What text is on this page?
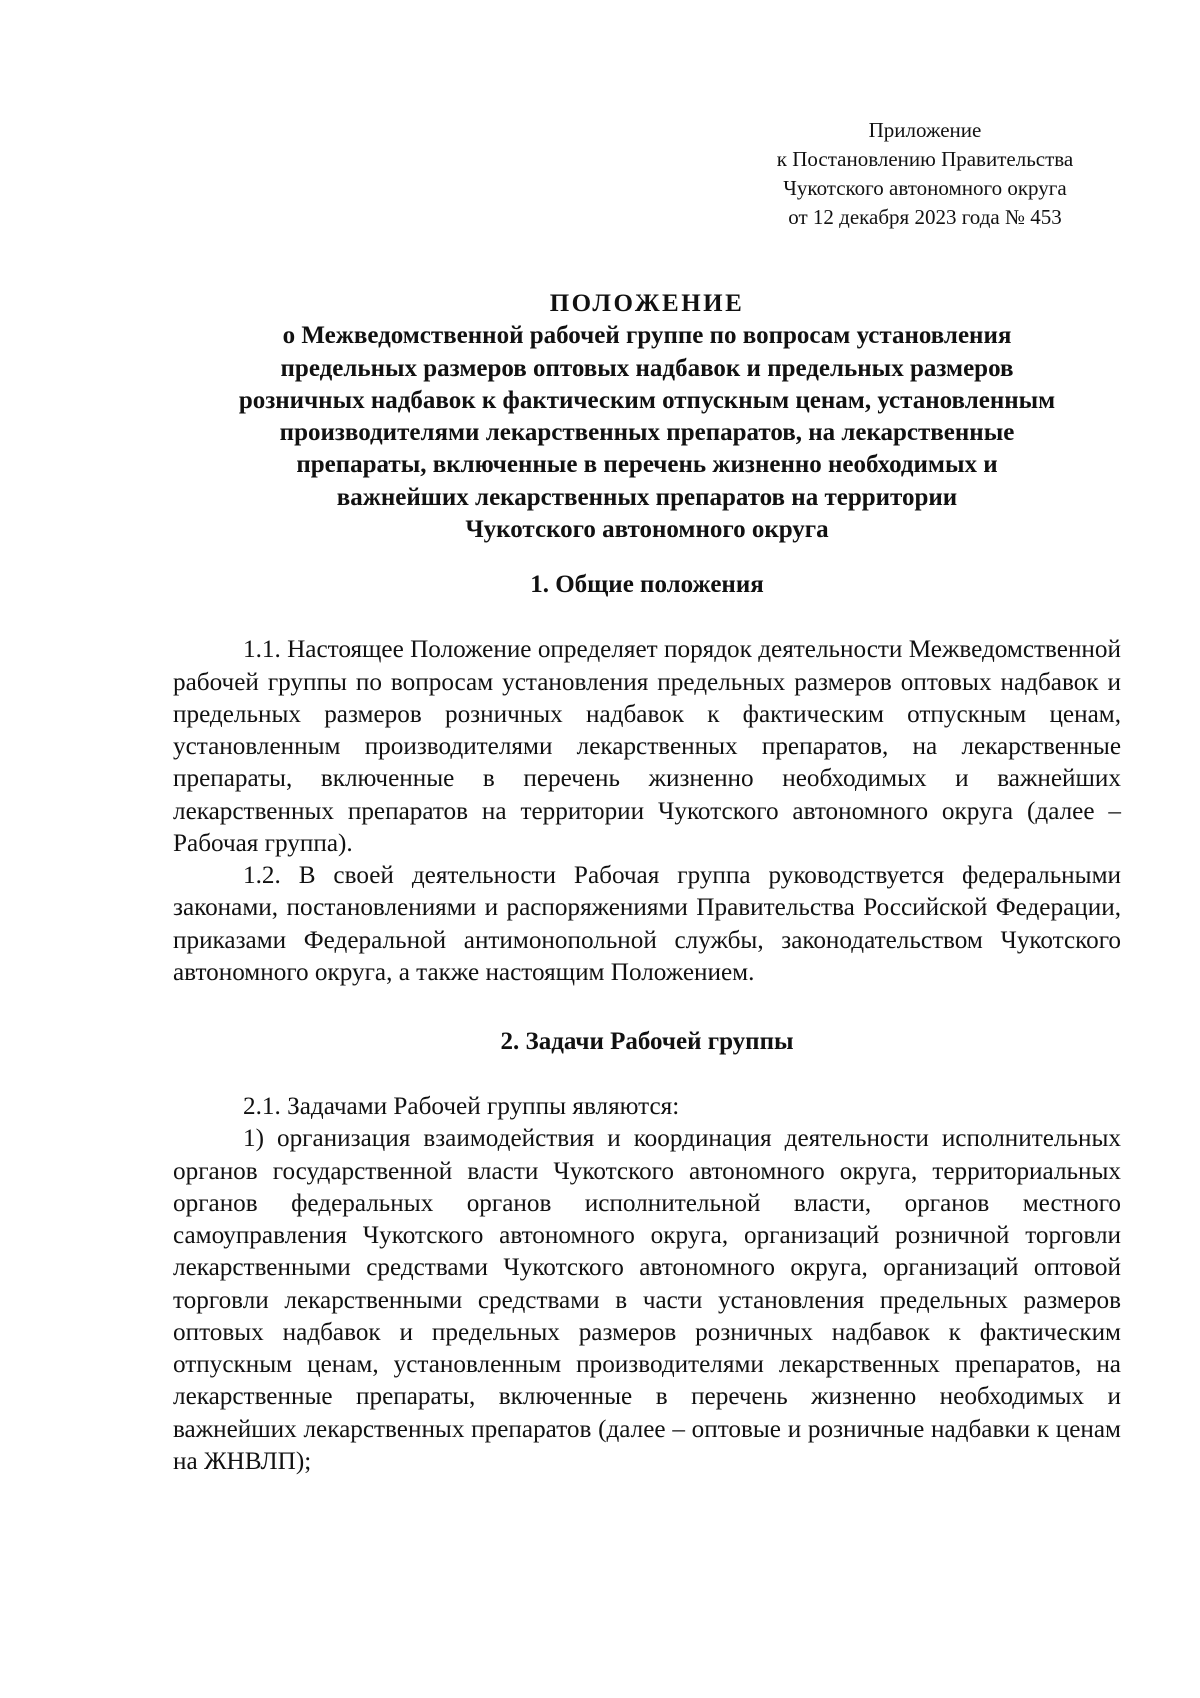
Приложение
к Постановлению Правительства
Чукотского автономного округа
от 12 декабря 2023 года № 453
ПОЛОЖЕНИЕ
о Межведомственной рабочей группе по вопросам установления
предельных размеров оптовых надбавок и предельных размеров
розничных надбавок к фактическим отпускным ценам, установленным
производителями лекарственных препаратов, на лекарственные
препараты, включенные в перечень жизненно необходимых и
важнейших лекарственных препаратов на территории
Чукотского автономного округа
1. Общие положения

1.1. Настоящее Положение определяет порядок деятельности Межведомственной рабочей группы по вопросам установления предельных размеров оптовых надбавок и предельных размеров розничных надбавок к фактическим отпускным ценам, установленным производителями лекарственных препаратов, на лекарственные препараты, включенные в перечень жизненно необходимых и важнейших лекарственных препаратов на территории Чукотского автономного округа (далее – Рабочая группа).

1.2. В своей деятельности Рабочая группа руководствуется федеральными законами, постановлениями и распоряжениями Правительства Российской Федерации, приказами Федеральной антимонопольной службы, законодательством Чукотского автономного округа, а также настоящим Положением.

2. Задачи Рабочей группы

2.1. Задачами Рабочей группы являются:

1) организация взаимодействия и координация деятельности исполнительных органов государственной власти Чукотского автономного округа, территориальных органов федеральных органов исполнительной власти, органов местного самоуправления Чукотского автономного округа, организаций розничной торговли лекарственными средствами Чукотского автономного округа, организаций оптовой торговли лекарственными средствами в части установления предельных размеров оптовых надбавок и предельных размеров розничных надбавок к фактическим отпускным ценам, установленным производителями лекарственных препаратов, на лекарственные препараты, включенные в перечень жизненно необходимых и важнейших лекарственных препаратов (далее – оптовые и розничные надбавки к ценам на ЖНВЛП);
